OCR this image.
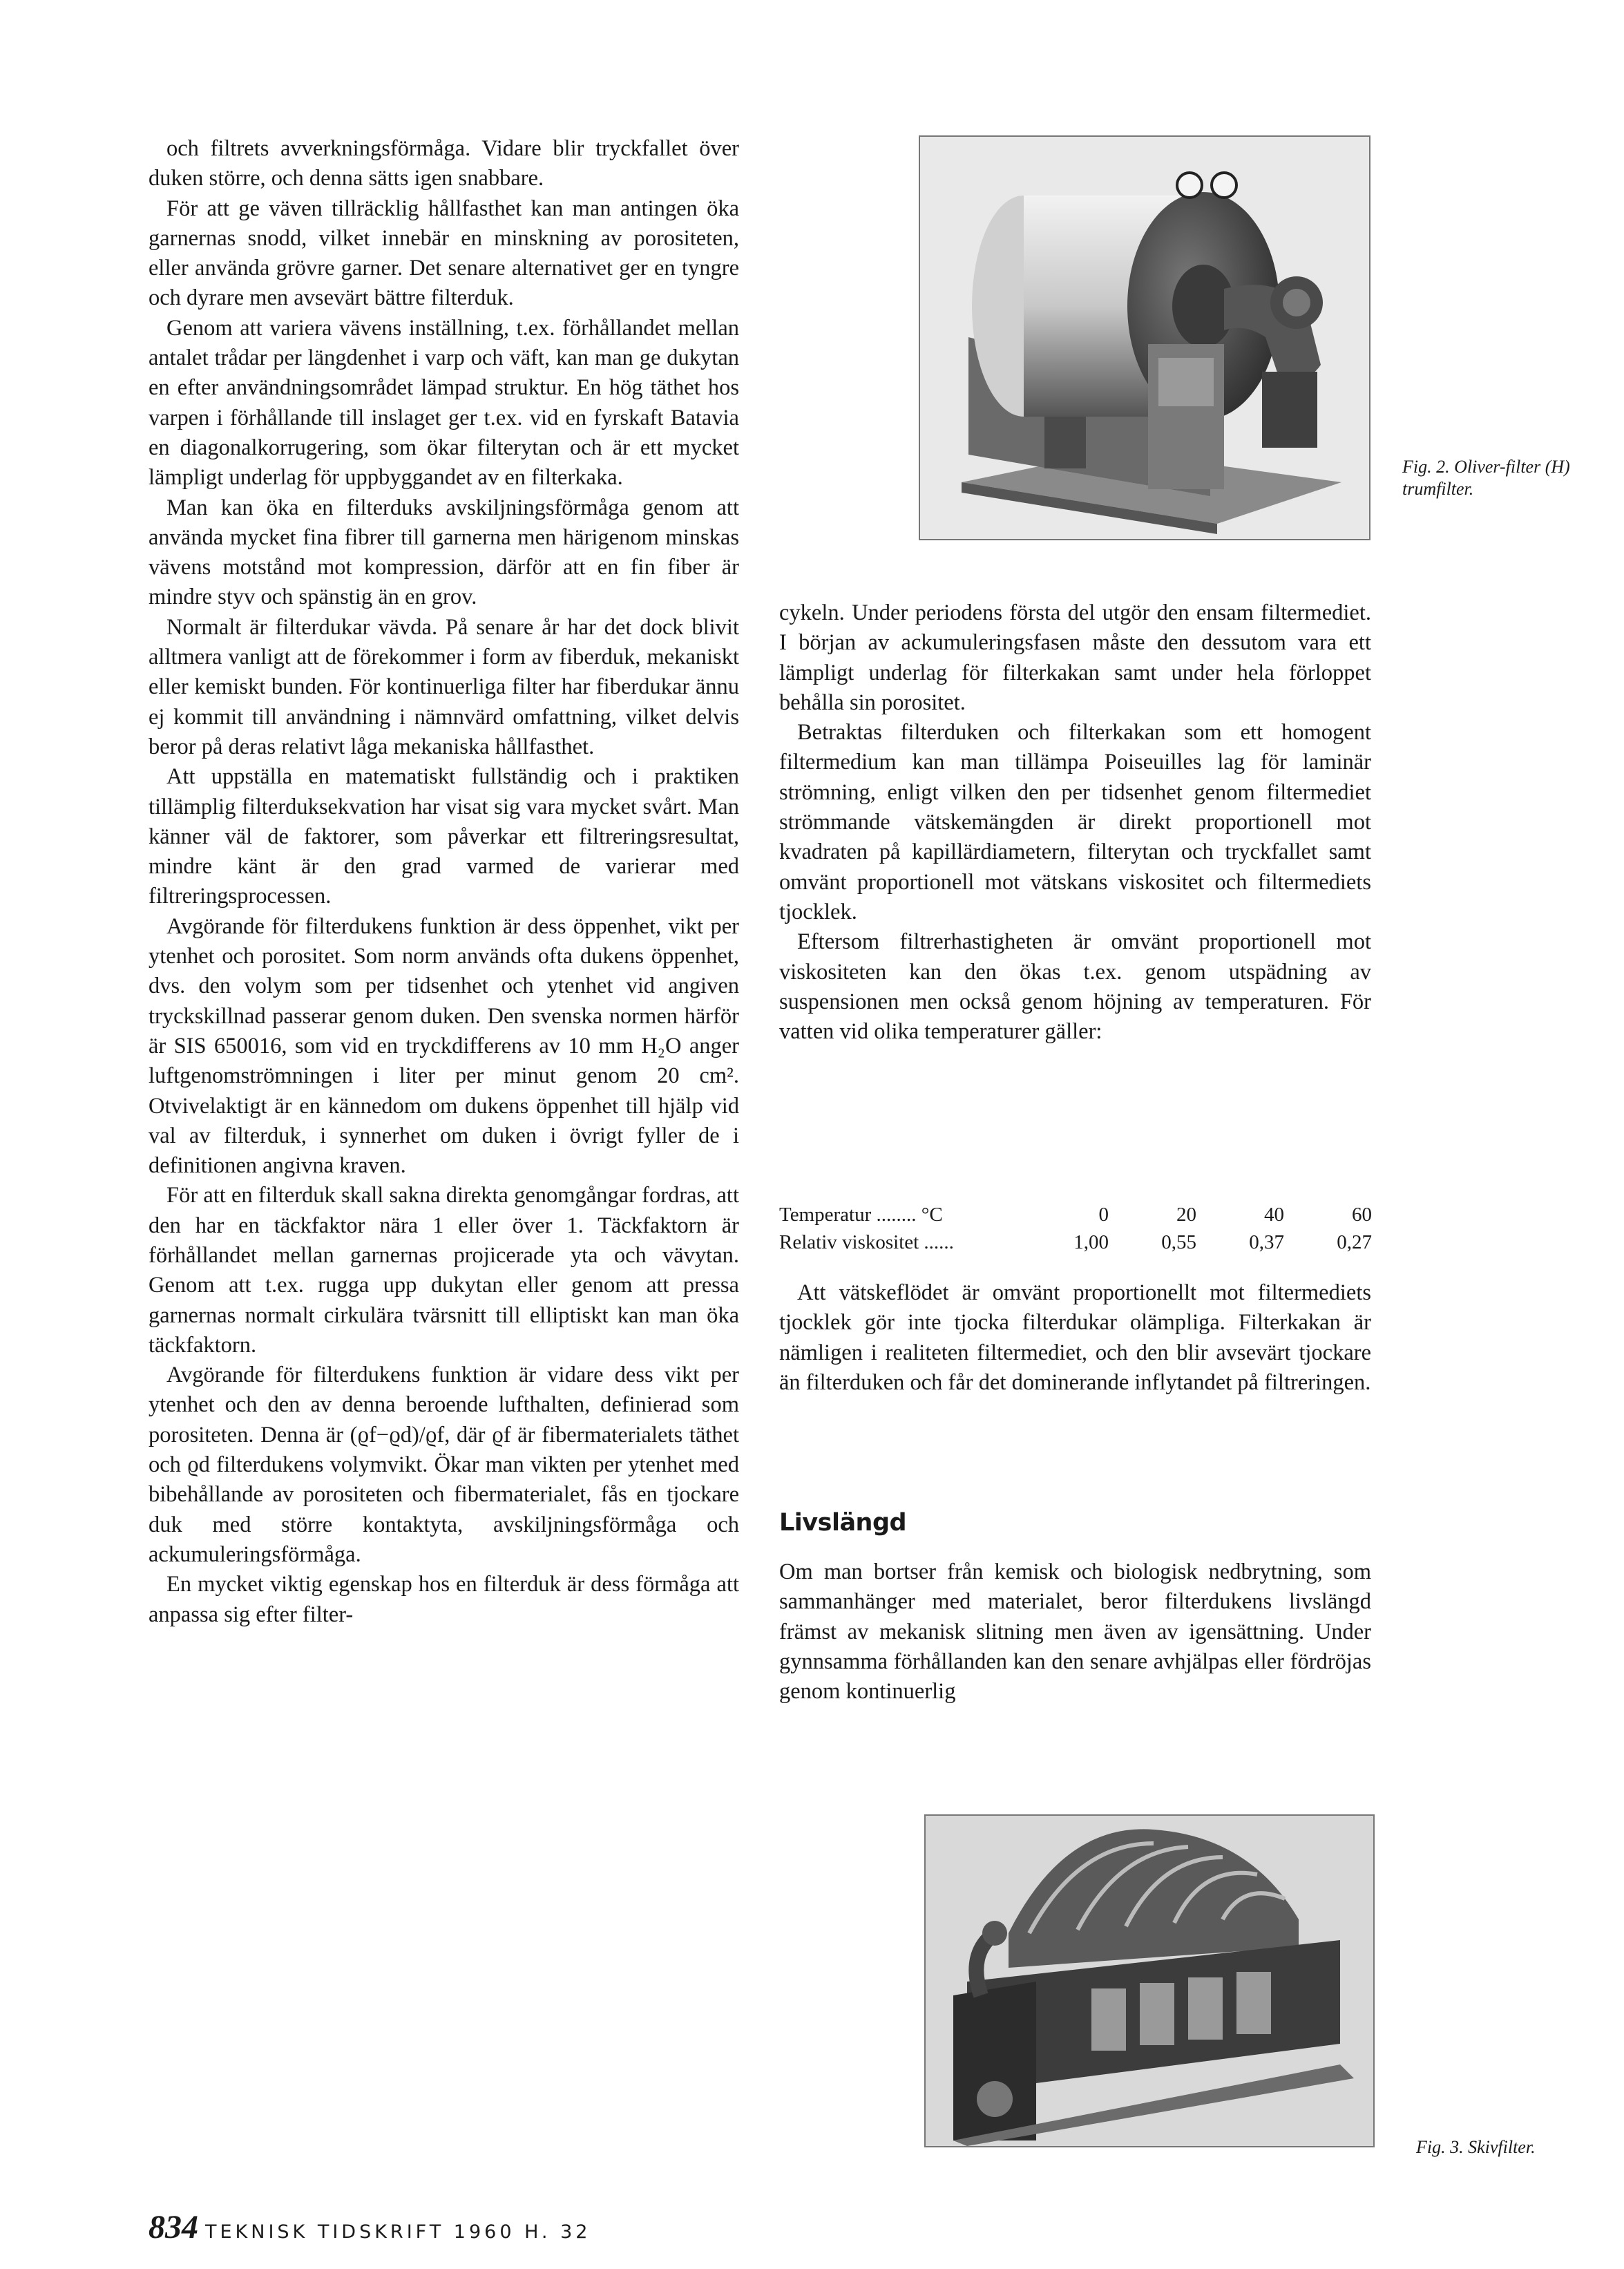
och filtrets avverkningsförmåga. Vidare blir tryckfallet över duken större, och denna sätts igen snabbare.

För att ge väven tillräcklig hållfasthet kan man antingen öka garnernas snodd, vilket innebär en minskning av porositeten, eller använda grövre garner. Det senare alternativet ger en tyngre och dyrare men avsevärt bättre filterduk.

Genom att variera vävens inställning, t.ex. förhållandet mellan antalet trådar per längdenhet i varp och väft, kan man ge dukytan en efter användningsområdet lämpad struktur. En hög täthet hos varpen i förhållande till inslaget ger t.ex. vid en fyrskaft Batavia en diagonalkorrugering, som ökar filterytan och är ett mycket lämpligt underlag för uppbyggandet av en filterkaka.

Man kan öka en filterduks avskiljningsförmåga genom att använda mycket fina fibrer till garnerna men härigenom minskas vävens motstånd mot kompression, därför att en fin fiber är mindre styv och spänstig än en grov.

Normalt är filterdukar vävda. På senare år har det dock blivit alltmera vanligt att de förekommer i form av fiberduk, mekaniskt eller kemiskt bunden. För kontinuerliga filter har fiberdukar ännu ej kommit till användning i nämnvärd omfattning, vilket delvis beror på deras relativt låga mekaniska hållfasthet.

Att uppställa en matematiskt fullständig och i praktiken tillämplig filterduksekvation har visat sig vara mycket svårt. Man känner väl de faktorer, som påverkar ett filtreringsresultat, mindre känt är den grad varmed de varierar med filtreringsprocessen.

Avgörande för filterdukens funktion är dess öppenhet, vikt per ytenhet och porositet. Som norm används ofta dukens öppenhet, dvs. den volym som per tidsenhet och ytenhet vid angiven tryckskillnad passerar genom duken. Den svenska normen härför är SIS 650016, som vid en tryckdifferens av 10 mm H₂O anger luftgenomströmningen i liter per minut genom 20 cm². Otvivelaktigt är en kännedom om dukens öppenhet till hjälp vid val av filterduk, i synnerhet om duken i övrigt fyller de i definitionen angivna kraven.

För att en filterduk skall sakna direkta genomgångar fordras, att den har en täckfaktor nära 1 eller över 1. Täckfaktorn är förhållandet mellan garnernas projicerade yta och vävytan. Genom att t.ex. rugga upp dukytan eller genom att pressa garnernas normalt cirkulära tvärsnitt till elliptiskt kan man öka täckfaktorn.

Avgörande för filterdukens funktion är vidare dess vikt per ytenhet och den av denna beroende lufthalten, definierad som porositeten. Denna är (ϱf−ϱd)/ϱf, där ϱf är fibermaterialets täthet och ϱd filterdukens volymvikt. Ökar man vikten per ytenhet med bibehållande av porositeten och fibermaterialet, fås en tjockare duk med större kontaktyta, avskiljningsförmåga och ackumuleringsförmåga.

En mycket viktig egenskap hos en filterduk är dess förmåga att anpassa sig efter filter-

Fig. 2. Oliver-filter (H) trumfilter.

cykeln. Under periodens första del utgör den ensam filtermediet. I början av ackumuleringsfasen måste den dessutom vara ett lämpligt underlag för filterkakan samt under hela förloppet behålla sin porositet.

Betraktas filterduken och filterkakan som ett homogent filtermedium kan man tillämpa Poiseuilles lag för laminär strömning, enligt vilken den per tidsenhet genom filtermediet strömmande vätskemängden är direkt proportionell mot kvadraten på kapillärdiametern, filterytan och tryckfallet samt omvänt proportionell mot vätskans viskositet och filtermediets tjocklek.

Eftersom filtrerhastigheten är omvänt proportionell mot viskositeten kan den ökas t.ex. genom utspädning av suspensionen men också genom höjning av temperaturen. För vatten vid olika temperaturer gäller:

Temperatur ........ °C	0	20	40	60
Relativ viskositet ......	1,00	0,55	0,37	0,27

Att vätskeflödet är omvänt proportionellt mot filtermediets tjocklek gör inte tjocka filterdukar olämpliga. Filterkakan är nämligen i realiteten filtermediet, och den blir avsevärt tjockare än filterduken och får det dominerande inflytandet på filtreringen.

Livslängd

Om man bortser från kemisk och biologisk nedbrytning, som sammanhänger med materialet, beror filterdukens livslängd främst av mekanisk slitning men även av igensättning. Under gynnsamma förhållanden kan den senare avhjälpas eller fördröjas genom kontinuerlig

Fig. 3. Skivfilter.
834 TEKNISK TIDSKRIFT 1960 H. 32
